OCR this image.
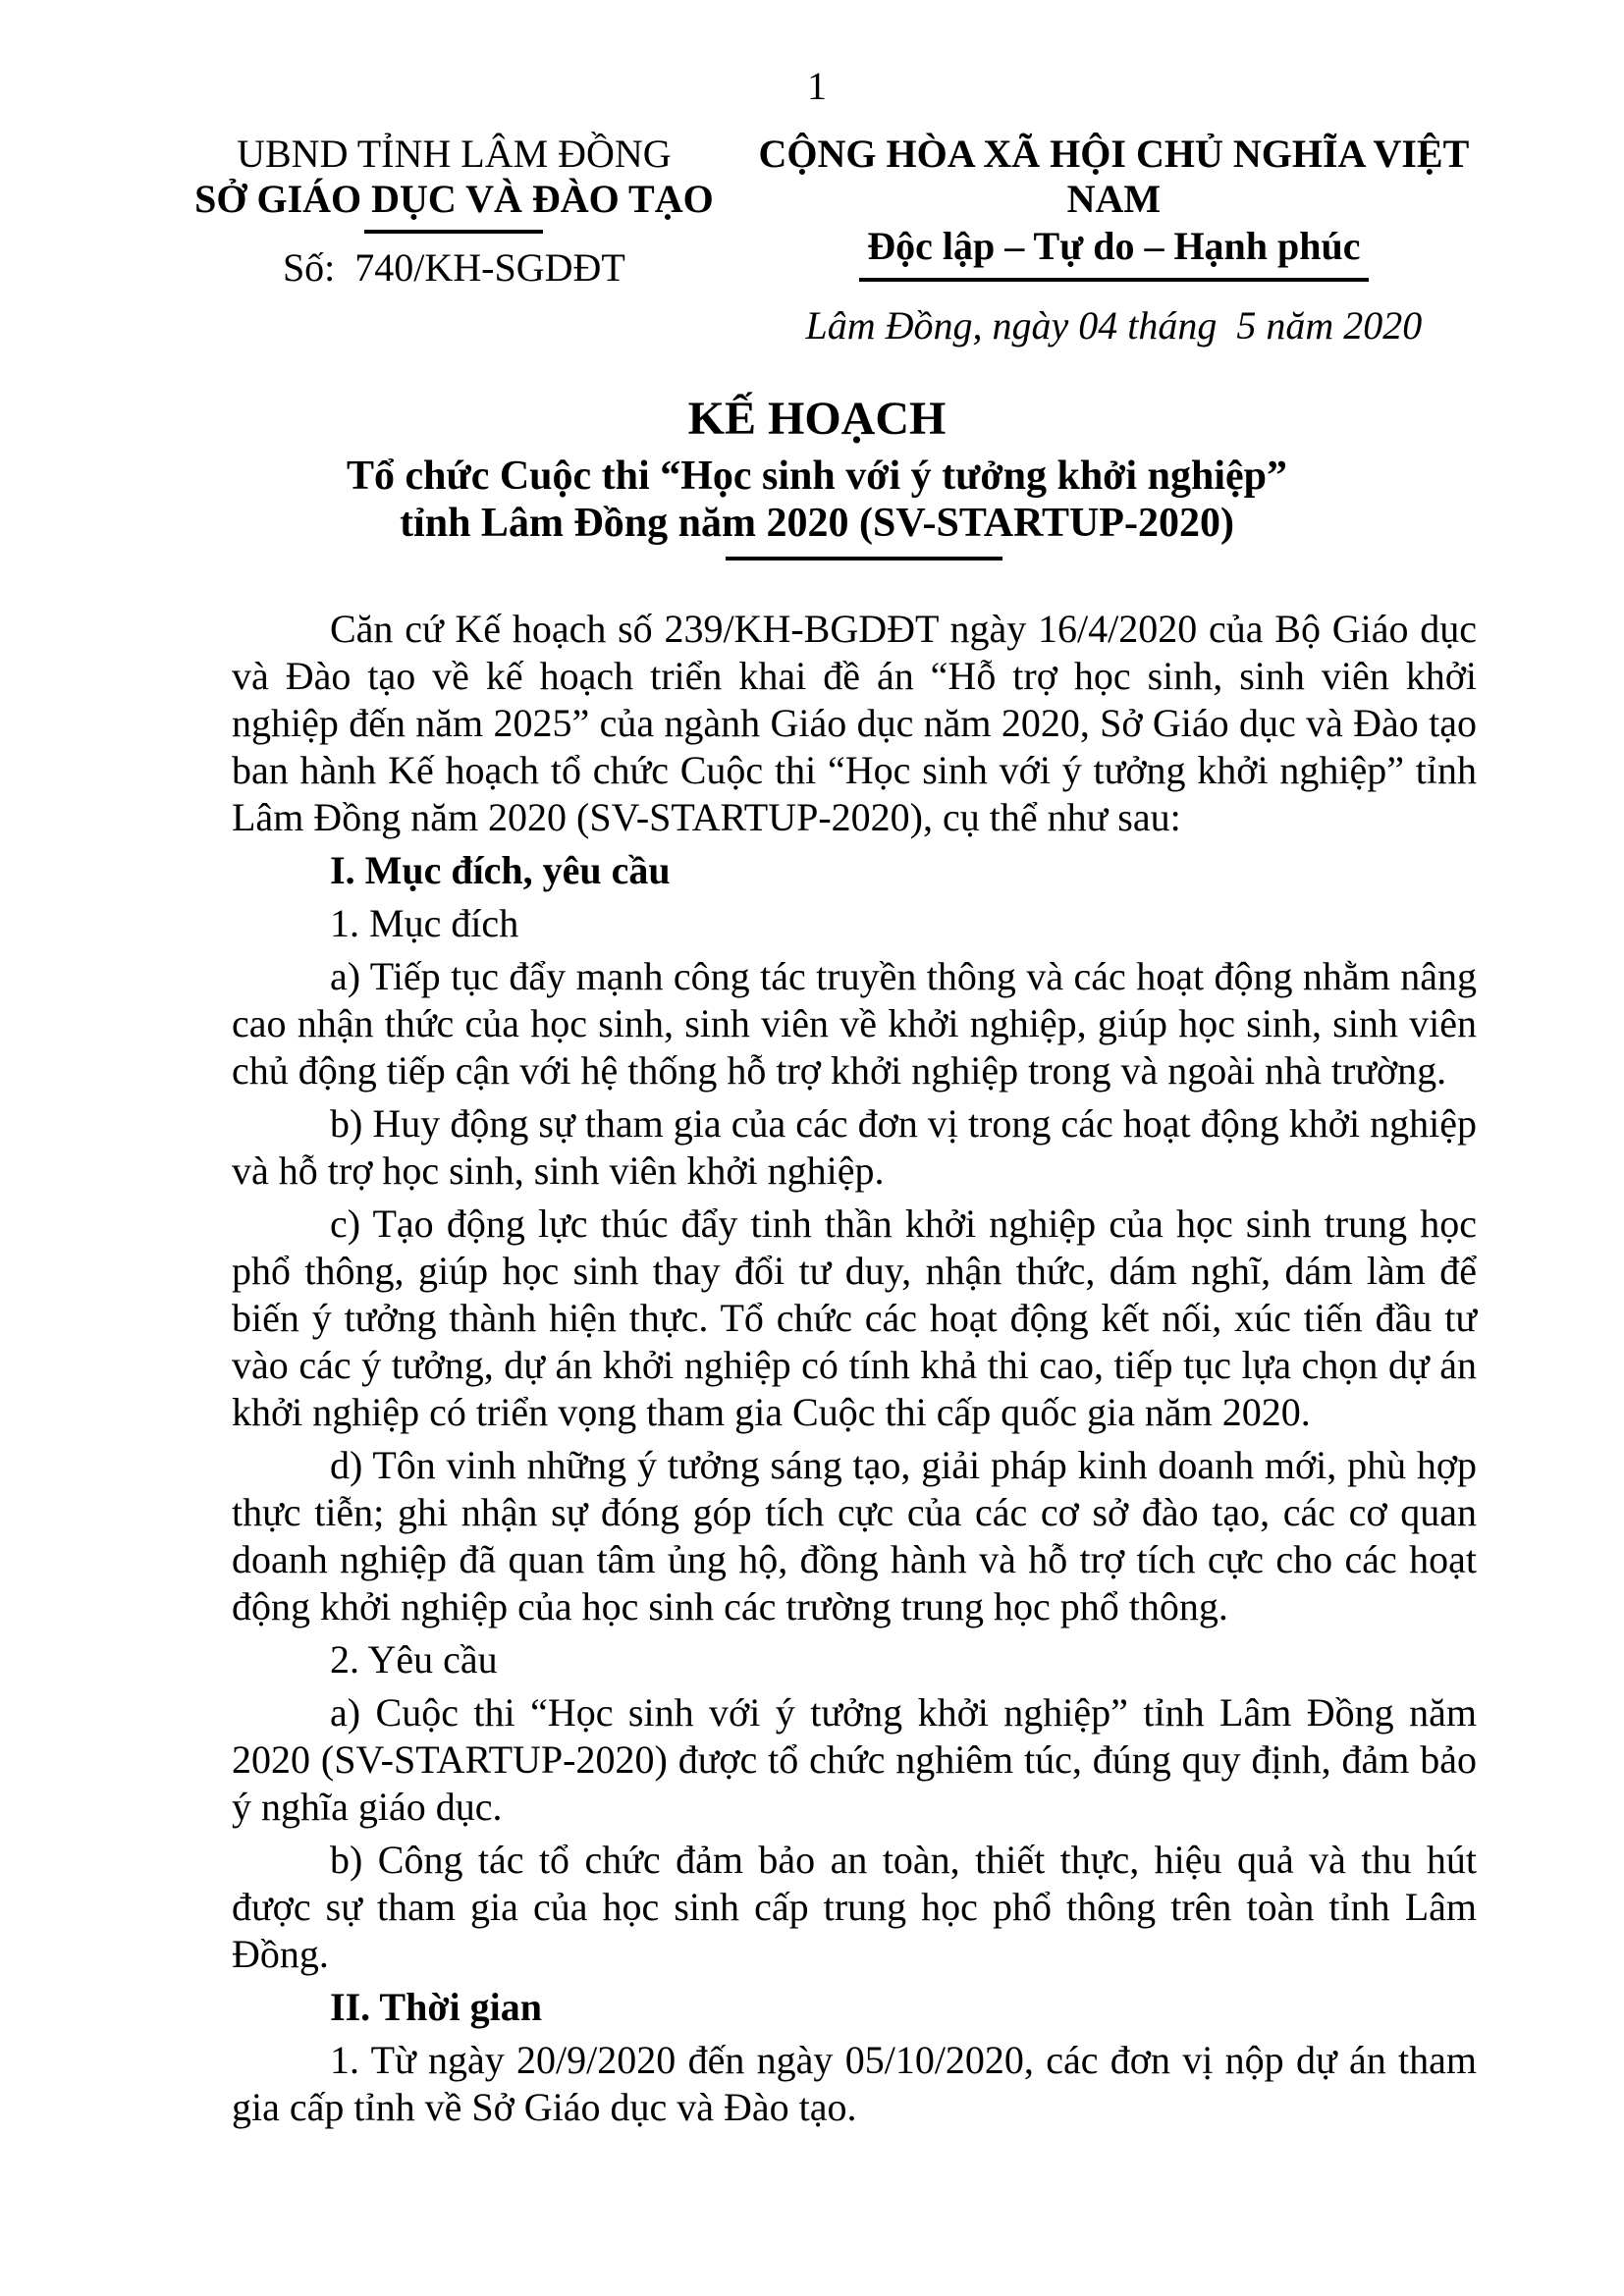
1
UBND TỈNH LÂM ĐỒNG
SỞ GIÁO DỤC VÀ ĐÀO TẠO
Số:  740/KH-SGDĐT
CỘNG HÒA XÃ HỘI CHỦ NGHĨA VIỆT NAM
Độc lập – Tự do – Hạnh phúc
Lâm Đồng, ngày 04 tháng  5 năm 2020
KẾ HOẠCH
Tổ chức Cuộc thi “Học sinh với ý tưởng khởi nghiệp”
tỉnh Lâm Đồng năm 2020 (SV-STARTUP-2020)

Căn cứ Kế hoạch số 239/KH-BGDĐT ngày 16/4/2020 của Bộ Giáo dục và Đào tạo về kế hoạch triển khai đề án “Hỗ trợ học sinh, sinh viên khởi nghiệp đến năm 2025” của ngành Giáo dục năm 2020, Sở Giáo dục và Đào tạo ban hành Kế hoạch tổ chức Cuộc thi “Học sinh với ý tưởng khởi nghiệp” tỉnh Lâm Đồng năm 2020 (SV-STARTUP-2020), cụ thể như sau:

I. Mục đích, yêu cầu

1. Mục đích

a) Tiếp tục đẩy mạnh công tác truyền thông và các hoạt động nhằm nâng cao nhận thức của học sinh, sinh viên về khởi nghiệp, giúp học sinh, sinh viên chủ động tiếp cận với hệ thống hỗ trợ khởi nghiệp trong và ngoài nhà trường.

b) Huy động sự tham gia của các đơn vị trong các hoạt động khởi nghiệp và hỗ trợ học sinh, sinh viên khởi nghiệp.

c) Tạo động lực thúc đẩy tinh thần khởi nghiệp của học sinh trung học phổ thông, giúp học sinh thay đổi tư duy, nhận thức, dám nghĩ, dám làm để biến ý tưởng thành hiện thực. Tổ chức các hoạt động kết nối, xúc tiến đầu tư vào các ý tưởng, dự án khởi nghiệp có tính khả thi cao, tiếp tục lựa chọn dự án khởi nghiệp có triển vọng tham gia Cuộc thi cấp quốc gia năm 2020.

d) Tôn vinh những ý tưởng sáng tạo, giải pháp kinh doanh mới, phù hợp thực tiễn; ghi nhận sự đóng góp tích cực của các cơ sở đào tạo, các cơ quan doanh nghiệp đã quan tâm ủng hộ, đồng hành và hỗ trợ tích cực cho các hoạt động khởi nghiệp của học sinh các trường trung học phổ thông.

2. Yêu cầu

a) Cuộc thi “Học sinh với ý tưởng khởi nghiệp” tỉnh Lâm Đồng năm 2020 (SV-STARTUP-2020) được tổ chức nghiêm túc, đúng quy định, đảm bảo ý nghĩa giáo dục.

b) Công tác tổ chức đảm bảo an toàn, thiết thực, hiệu quả và thu hút được sự tham gia của học sinh cấp trung học phổ thông trên toàn tỉnh Lâm Đồng.

II. Thời gian

1. Từ ngày 20/9/2020 đến ngày 05/10/2020, các đơn vị nộp dự án tham gia cấp tỉnh về Sở Giáo dục và Đào tạo.
